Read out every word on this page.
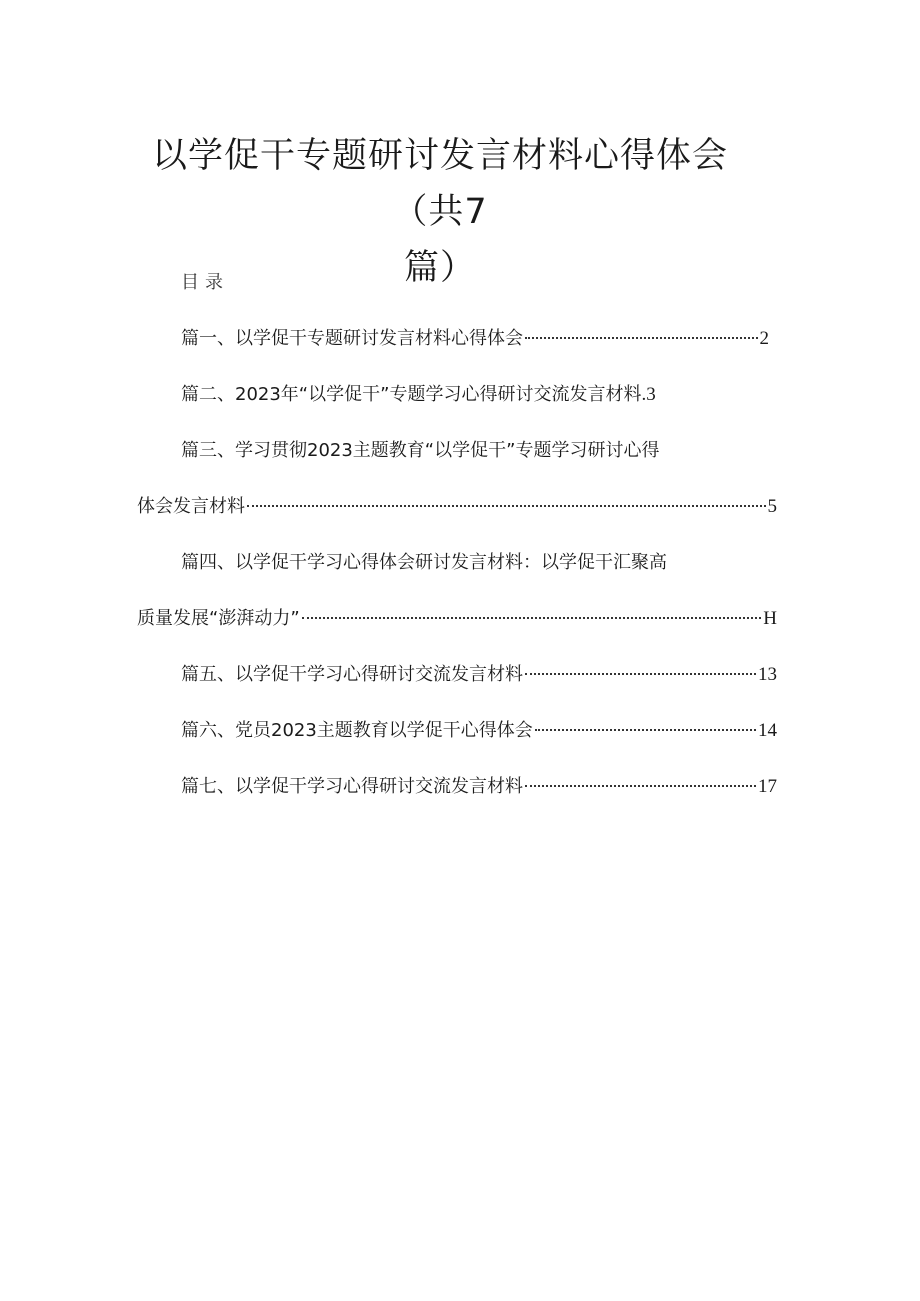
以学促干专题研讨发言材料心得体会（共7
篇）
目录
篇一、以学促干专题研讨发言材料心得体会	2
篇二、2023年“以学促干”专题学习心得研讨交流发言材料 .3
篇三、学习贯彻2023主题教育“以学促干”专题学习研讨心得
体会发言材料	5
篇四、以学促干学习心得体会研讨发言材料：以学促干汇聚高
质量发展“澎湃动力”	H
篇五、以学促干学习心得研讨交流发言材料	13
篇六、党员2023主题教育以学促干心得体会	14
篇七、以学促干学习心得研讨交流发言材料	17
